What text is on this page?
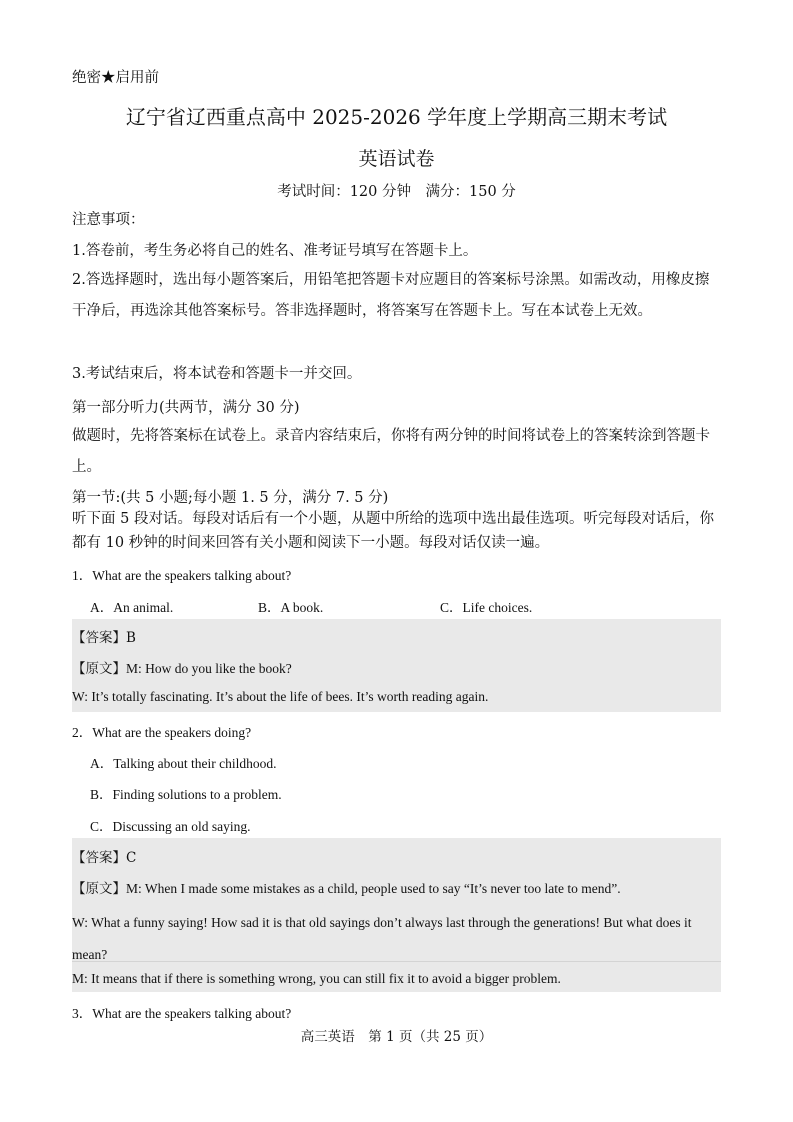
绝密★启用前
辽宁省辽西重点高中 2025-2026 学年度上学期高三期末考试
英语试卷
考试时间：120 分钟　满分：150 分
注意事项：
1.答卷前，考生务必将自己的姓名、准考证号填写在答题卡上。
2.答选择题时，选出每小题答案后，用铅笔把答题卡对应题目的答案标号涂黑。如需改动，用橡皮擦干净后，再选涂其他答案标号。答非选择题时，将答案写在答题卡上。写在本试卷上无效。
3.考试结束后，将本试卷和答题卡一并交回。
第一部分听力(共两节，满分 30 分)
做题时，先将答案标在试卷上。录音内容结束后，你将有两分钟的时间将试卷上的答案转涂到答题卡上。
第一节:(共 5 小题;每小题 1. 5 分，满分 7. 5 分)
听下面 5 段对话。每段对话后有一个小题，从题中所给的选项中选出最佳选项。听完每段对话后，你都有 10 秒钟的时间来回答有关小题和阅读下一小题。每段对话仅读一遍。
1．What are the speakers talking about?
A．An animal.	B．A book.	C．Life choices.
【答案】B
【原文】M: How do you like the book?
W: It’s totally fascinating. It’s about the life of bees. It’s worth reading again.
2．What are the speakers doing?
A．Talking about their childhood.
B．Finding solutions to a problem.
C．Discussing an old saying.
【答案】C
【原文】M: When I made some mistakes as a child, people used to say “It’s never too late to mend”.
W: What a funny saying! How sad it is that old sayings don’t always last through the generations! But what does it mean?
M: It means that if there is something wrong, you can still fix it to avoid a bigger problem.
3．What are the speakers talking about?
高三英语　第 1 页（共 25 页）
